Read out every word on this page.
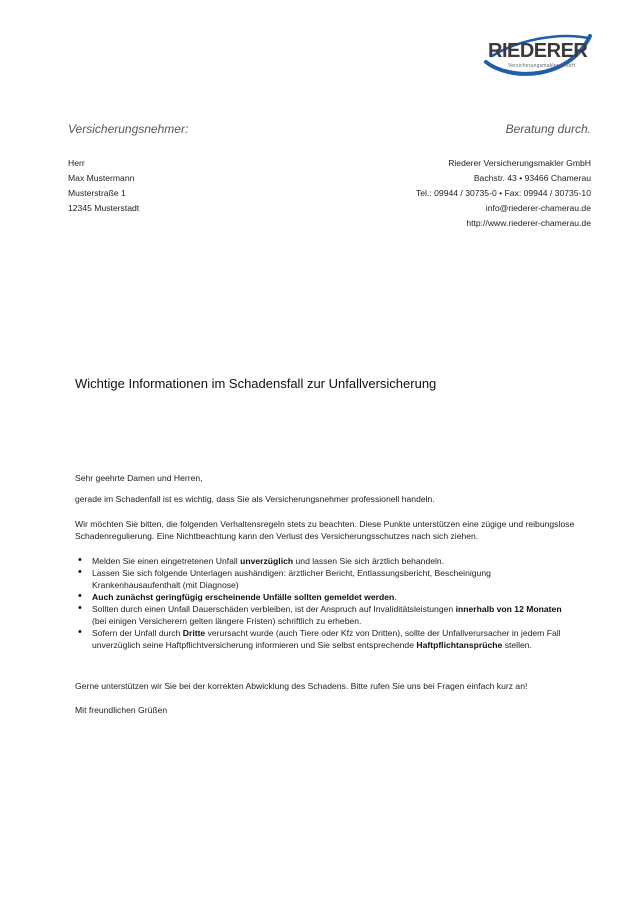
RIEDERER
Versicherungsmakler GmbH
Versicherungsnehmer:	Beratung durch.
Herr
Max Mustermann
Musterstraße 1
12345 Musterstadt
Riederer Versicherungsmakler GmbH
Bachstr. 43 • 93466 Chamerau
Tel.: 09944 / 30735-0 • Fax: 09944 / 30735-10
info@riederer-chamerau.de
http://www.riederer-chamerau.de
Wichtige Informationen im Schadensfall zur Unfallversicherung
Sehr geehrte Damen und Herren,
gerade im Schadenfall ist es wichtig, dass Sie als Versicherungsnehmer professionell handeln.
Wir möchten Sie bitten, die folgenden Verhaltensregeln stets zu beachten. Diese Punkte unterstützen eine zügige und reibungslose Schadenregulierung. Eine Nichtbeachtung kann den Verlust des Versicherungsschutzes nach sich ziehen.
• Melden Sie einen eingetretenen Unfall unverzüglich und lassen Sie sich ärztlich behandeln.
• Lassen Sie sich folgende Unterlagen aushändigen: ärztlicher Bericht, Entlassungsbericht, Bescheinigung Krankenhausaufenthalt (mit Diagnose)
• Auch zunächst geringfügig erscheinende Unfälle sollten gemeldet werden.
• Sollten durch einen Unfall Dauerschäden verbleiben, ist der Anspruch auf Invaliditätsleistungen innerhalb von 12 Monaten (bei einigen Versicherern gelten längere Fristen) schriftlich zu erheben.
• Sofern der Unfall durch Dritte verursacht wurde (auch Tiere oder Kfz von Dritten), sollte der Unfallverursacher in jedem Fall unverzüglich seine Haftpflichtversicherung informieren und Sie selbst entsprechende Haftpflichtansprüche stellen.
Gerne unterstützen wir Sie bei der korrekten Abwicklung des Schadens. Bitte rufen Sie uns bei Fragen einfach kurz an!
Mit freundlichen Grüßen
